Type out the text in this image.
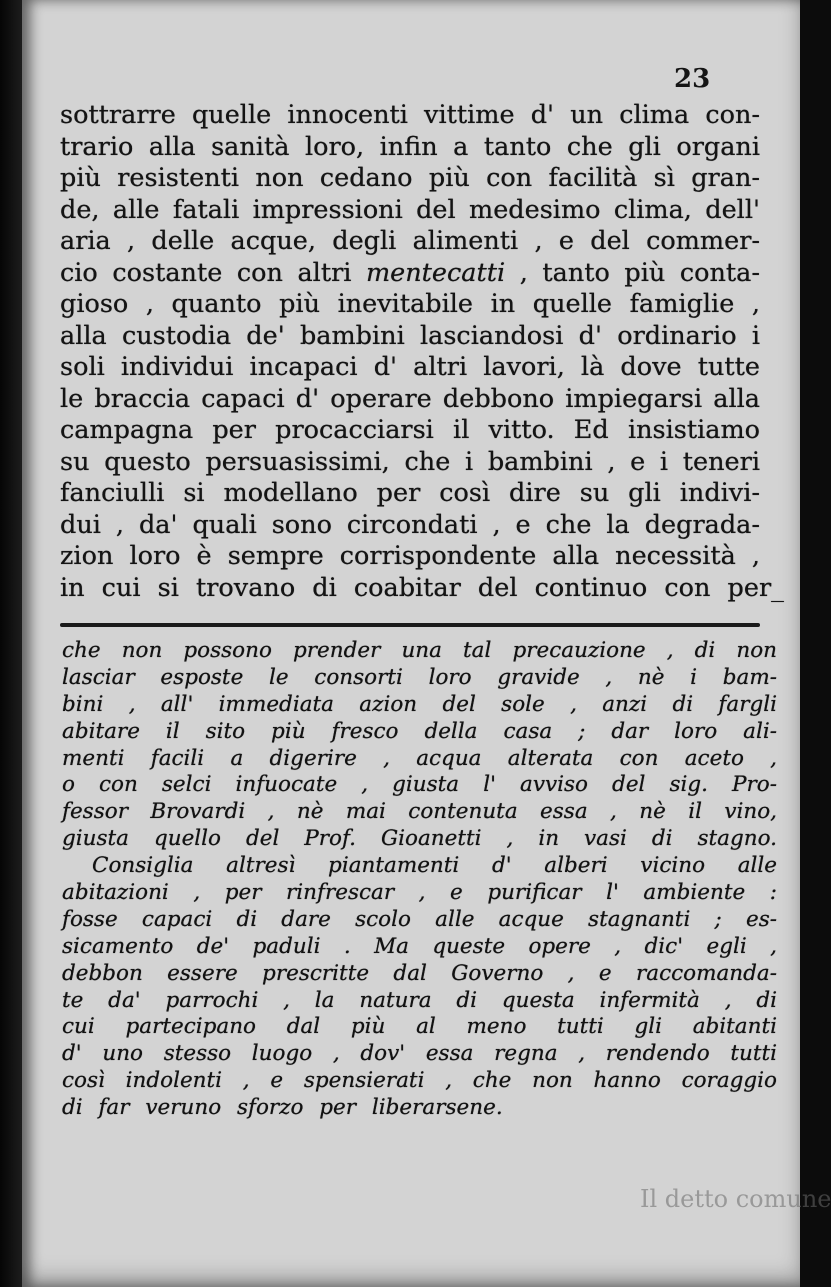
23
sottrarre quelle innocenti vittime d' un clima con-
trario alla sanità loro, infin a tanto che gli organi
più resistenti non cedano più con facilità sì gran-
de, alle fatali impressioni del medesimo clima, dell'
aria , delle acque, degli alimenti , e del commer-
cio costante con altri mentecatti , tanto più conta-
gioso , quanto più inevitabile in quelle famiglie ,
alla custodia de' bambini lasciandosi d' ordinario i
soli individui incapaci d' altri lavori, là dove tutte
le braccia capaci d' operare debbono impiegarsi alla
campagna per procacciarsi il vitto. Ed insistiamo
su questo persuasissimi, che i bambini , e i teneri
fanciulli si modellano per così dire su gli indivi-
dui , da' quali sono circondati , e che la degrada-
zion loro è sempre corrispondente alla necessità ,
in cui si trovano di coabitar del continuo con per_
che non possono prender una tal precauzione , di non
lasciar esposte le consorti loro gravide , nè i bam-
bini , all' immediata azion del sole , anzi di fargli
abitare il sito più fresco della casa ; dar loro ali-
menti facili a digerire , acqua alterata con aceto ,
o con selci infuocate , giusta l' avviso del sig. Pro-
fessor Brovardi , nè mai contenuta essa , nè il vino,
giusta quello del Prof. Gioanetti , in vasi di stagno.
Consiglia altresì piantamenti d' alberi vicino alle
abitazioni , per rinfrescar , e purificar l' ambiente :
fosse capaci di dare scolo alle acque stagnanti ; es-
sicamento de' paduli . Ma queste opere , dic' egli ,
debbon essere prescritte dal Governo , e raccomanda-
te da' parrochi , la natura di questa infermità , di
cui partecipano dal più al meno tutti gli abitanti
d' uno stesso luogo , dov' essa regna , rendendo tutti
così indolenti , e spensierati , che non hanno coraggio
di far veruno sforzo per liberarsene.
Il detto comune
